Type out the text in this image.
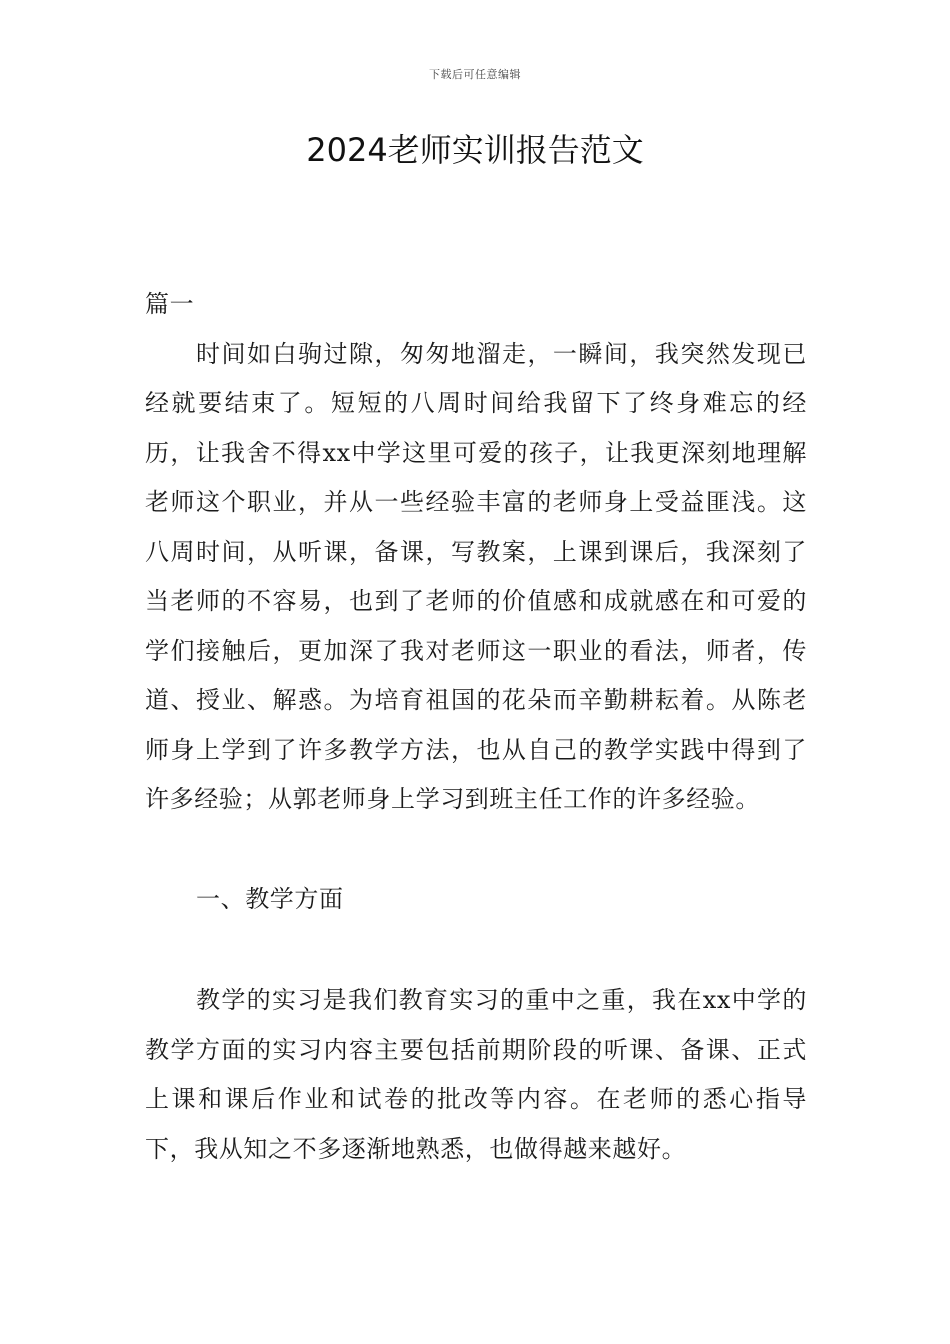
下载后可任意编辑
2024老师实训报告范文

篇一

时间如白驹过隙，匆匆地溜走，一瞬间，我突然发现已经就要结束了。短短的八周时间给我留下了终身难忘的经历，让我舍不得xx中学这里可爱的孩子，让我更深刻地理解老师这个职业，并从一些经验丰富的老师身上受益匪浅。这八周时间，从听课，备课，写教案，上课到课后，我深刻了当老师的不容易，也到了老师的价值感和成就感在和可爱的学们接触后，更加深了我对老师这一职业的看法，师者，传道、授业、解惑。为培育祖国的花朵而辛勤耕耘着。从陈老师身上学到了许多教学方法，也从自己的教学实践中得到了许多经验；从郭老师身上学习到班主任工作的许多经验。

一、教学方面

教学的实习是我们教育实习的重中之重，我在xx中学的教学方面的实习内容主要包括前期阶段的听课、备课、正式上课和课后作业和试卷的批改等内容。在老师的悉心指导下，我从知之不多逐渐地熟悉，也做得越来越好。
